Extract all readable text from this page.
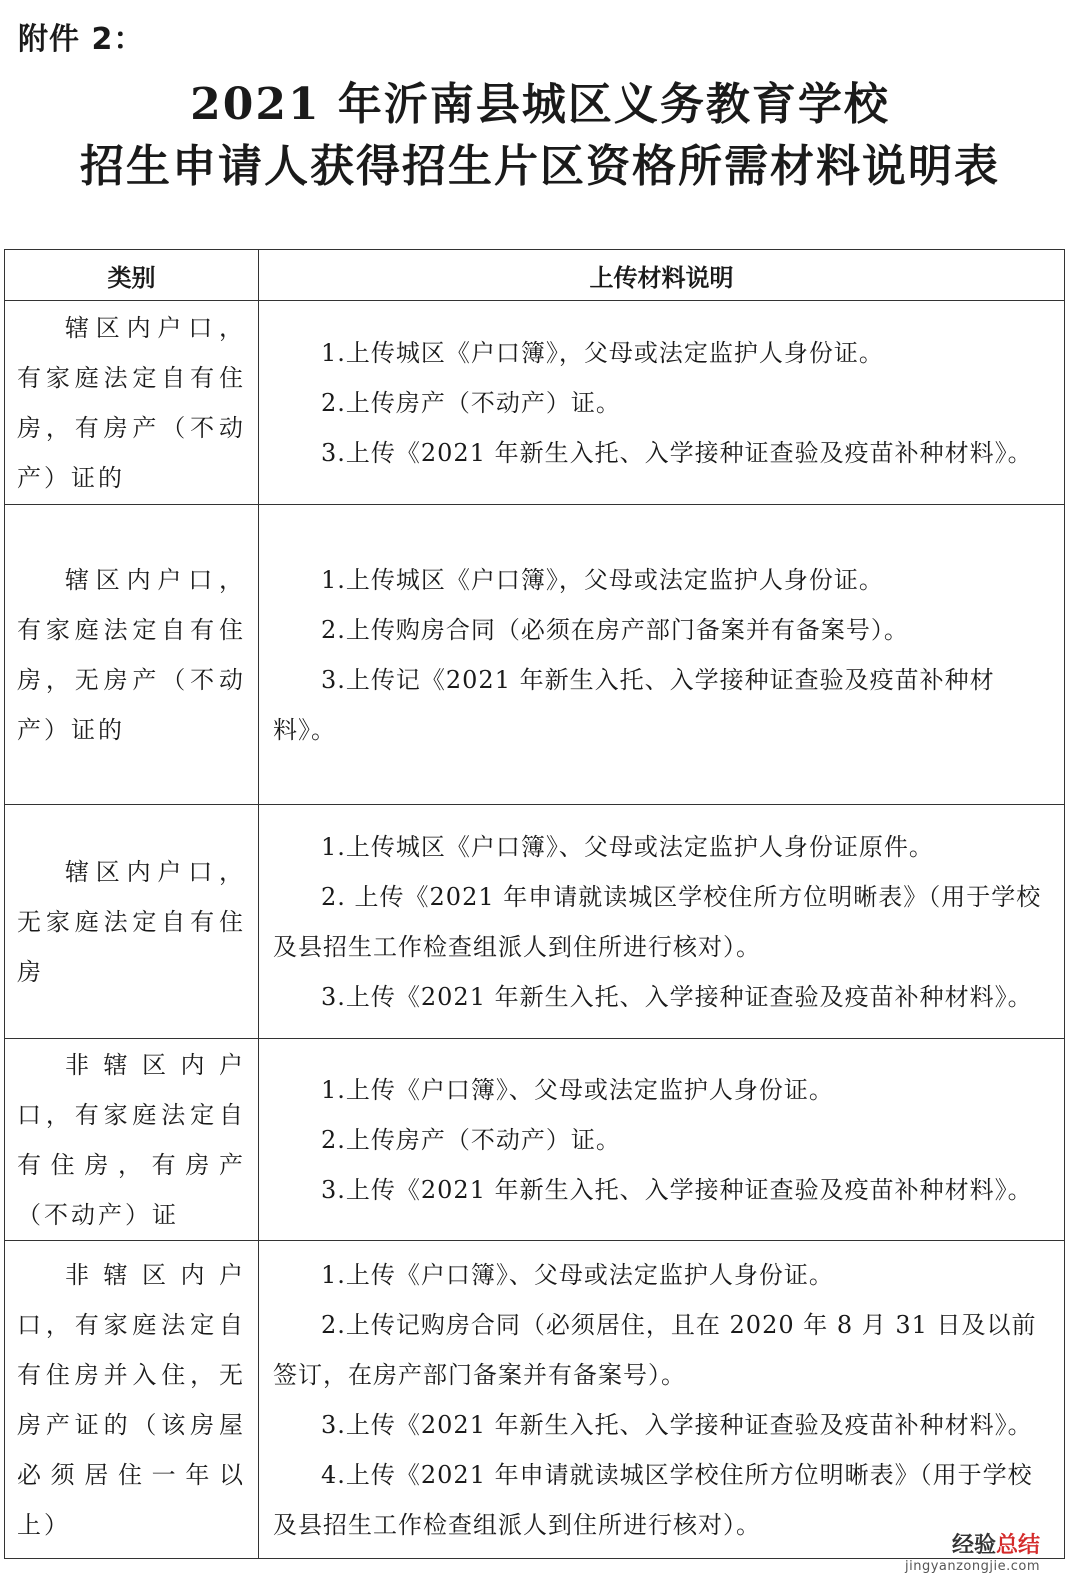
附件 2：
2021 年沂南县城区义务教育学校
招生申请人获得招生片区资格所需材料说明表
类别	上传材料说明
辖区内户口，有家庭法定自有住房，有房产（不动产）证的	1.上传城区《户口簿》，父母或法定监护人身份证。

2.上传房产（不动产）证。

3.上传《2021 年新生入托、入学接种证查验及疫苗补种材料》。

辖区内户口，有家庭法定自有住房，无房产（不动产）证的	1.上传城区《户口簿》，父母或法定监护人身份证。

2.上传购房合同（必须在房产部门备案并有备案号）。

3.上传记《2021 年新生入托、入学接种证查验及疫苗补种材料》。

辖区内户口，无家庭法定自有住房	1.上传城区《户口簿》、父母或法定监护人身份证原件。

2. 上传《2021 年申请就读城区学校住所方位明晰表》（用于学校及县招生工作检查组派人到住所进行核对）。

3.上传《2021 年新生入托、入学接种证查验及疫苗补种材料》。

非辖区内户口，有家庭法定自有住房，有房产（不动产）证	1.上传《户口簿》、父母或法定监护人身份证。

2.上传房产（不动产）证。

3.上传《2021 年新生入托、入学接种证查验及疫苗补种材料》。

非辖区内户口，有家庭法定自有住房并入住，无房产证的（该房屋必须居住一年以上）	1.上传《户口簿》、父母或法定监护人身份证。

2.上传记购房合同（必须居住，且在 2020 年 8 月 31 日及以前签订，在房产部门备案并有备案号）。

3.上传《2021 年新生入托、入学接种证查验及疫苗补种材料》。

4.上传《2021 年申请就读城区学校住所方位明晰表》（用于学校及县招生工作检查组派人到住所进行核对）。

经验总结
jingyanzongjie.com
